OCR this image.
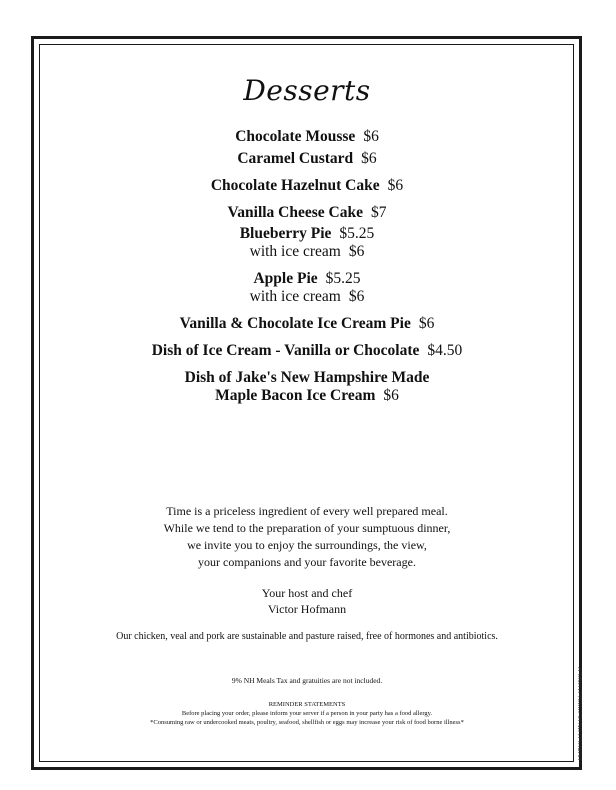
Desserts
Chocolate Mousse $6
Caramel Custard $6
Chocolate Hazelnut Cake $6
Vanilla Cheese Cake $7
Blueberry Pie $5.25
with ice cream $6
Apple Pie $5.25
with ice cream $6
Vanilla & Chocolate Ice Cream Pie $6
Dish of Ice Cream - Vanilla or Chocolate $4.50
Dish of Jake's New Hampshire Made
Maple Bacon Ice Cream $6
Time is a priceless ingredient of every well prepared meal.
While we tend to the preparation of your sumptuous dinner,
we invite you to enjoy the surroundings, the view,
your companions and your favorite beverage.
Your host and chef
Victor Hofmann
Our chicken, veal and pork are sustainable and pasture raised, free of hormones and antibiotics.
9% NH Meals Tax and gratuities are not included.
REMINDER STATEMENTS
Before placing your order, please inform your server if a person in your party has a food allergy.
*Consuming raw or undercooked meats, poultry, seafood, shellfish or eggs may increase your risk of food borne illness*	PRINTED ON RECYCLED PAPER
